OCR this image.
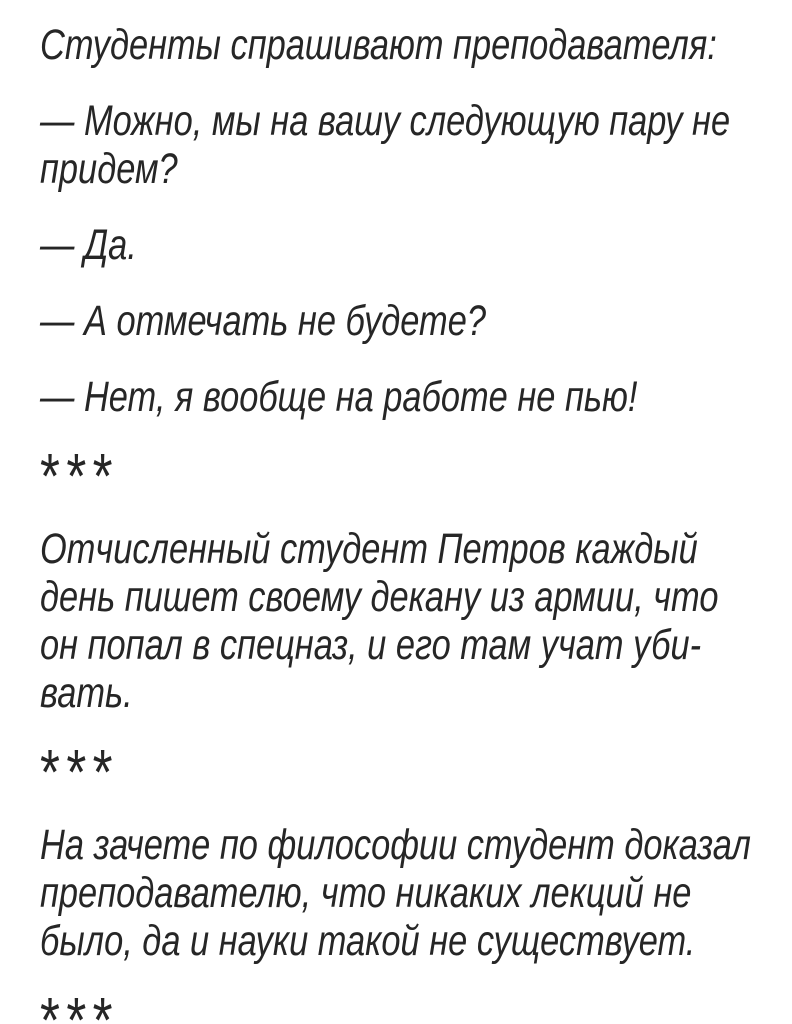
Студенты спрашивают преподавателя:
— Можно, мы на вашу следующую пару не
придем?
— Да.
— А отмечать не будете?
— Нет, я вообще на работе не пью!
***
Отчисленный студент Петров каждый
день пишет своему декану из армии, что
он попал в спецназ, и его там учат уби-
вать.
***
На зачете по философии студент доказал
преподавателю, что никаких лекций не
было, да и науки такой не существует.
***
